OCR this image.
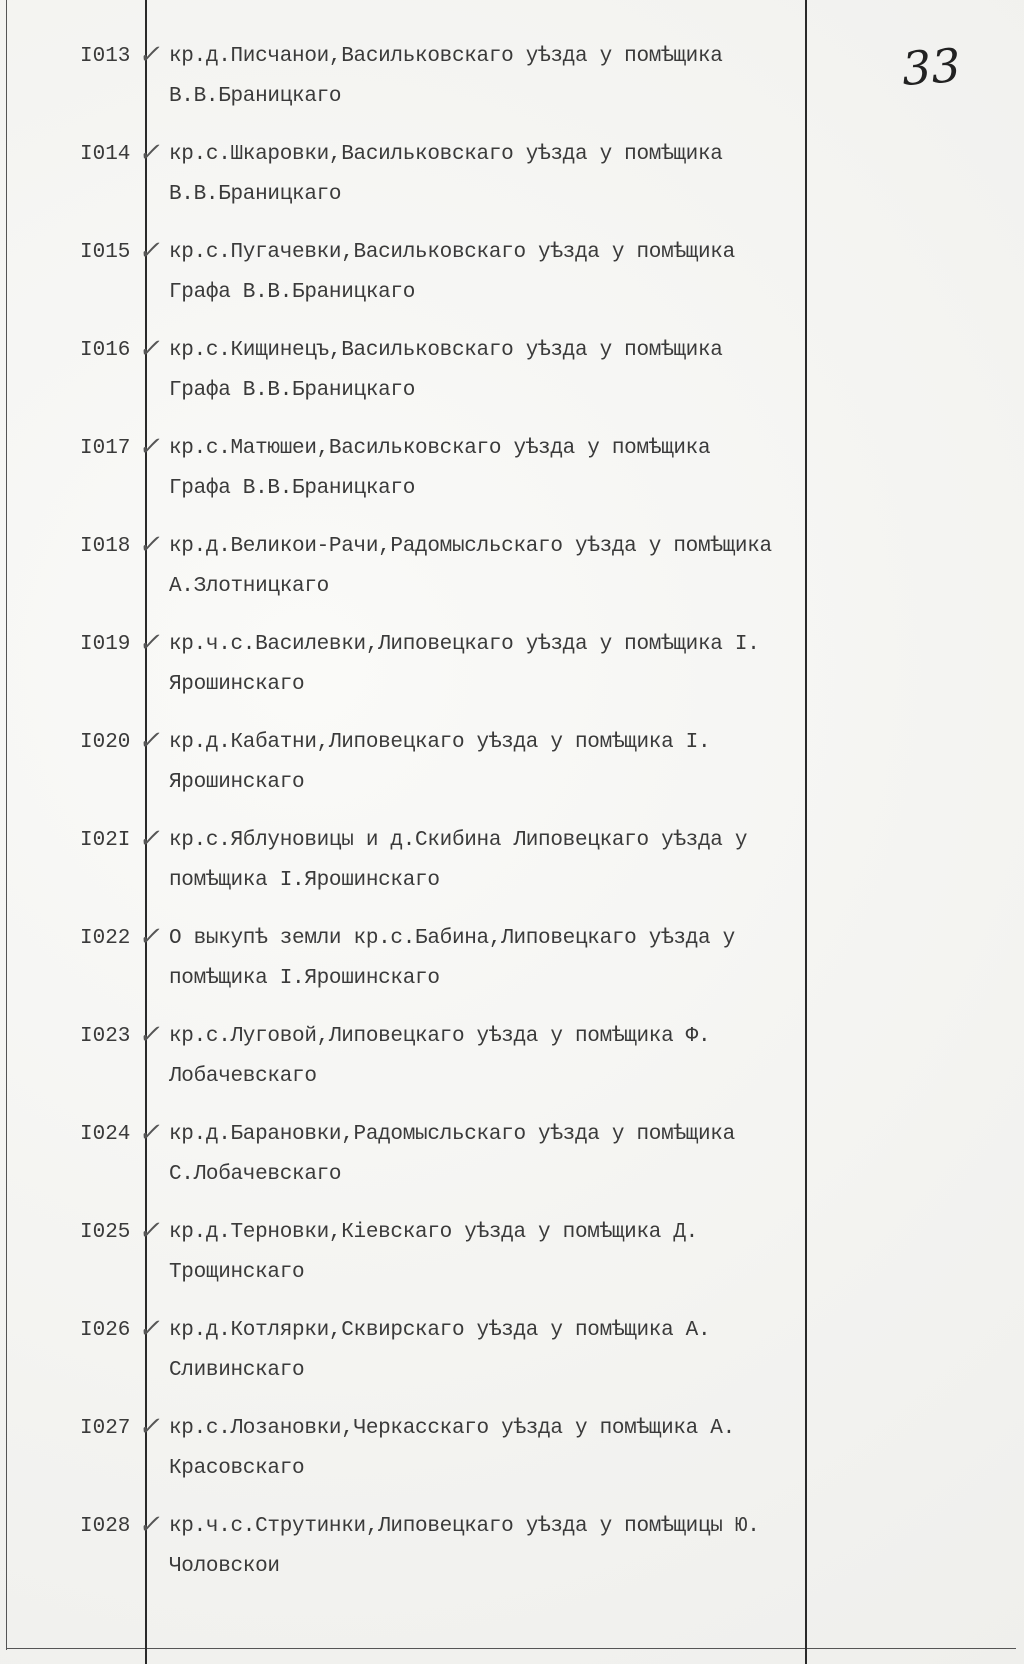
33
I013 ✓ кр.д.Писчанои,Васильковскаго уѣзда у помѣщика
В.В.Браницкаго
I014 ✓ кр.с.Шкаровки,Васильковскаго уѣзда у помѣщика
В.В.Браницкаго
I015 ✓ кр.с.Пугачевки,Васильковскаго уѣзда у помѣщика
Графа В.В.Браницкаго
I016 ✓ кр.с.Кищинецъ,Васильковскаго уѣзда у помѣщика
Графа В.В.Браницкаго
I017 ✓ кр.с.Матюшеи,Васильковскаго уѣзда у помѣщика
Графа В.В.Браницкаго
I018 ✓ кр.д.Великои-Рачи,Радомысльскаго уѣзда у помѣщика
А.Злотницкаго
I019 ✓ кр.ч.с.Василевки,Липовецкаго уѣзда у помѣщика I.
Ярошинскаго
I020 ✓ кр.д.Кабатни,Липовецкаго уѣзда у помѣщика I.
Ярошинскаго
I02I ✓ кр.с.Яблуновицы и д.Скибина Липовецкаго уѣзда у
помѣщика I.Ярошинскаго
I022 ✓ О выкупѣ земли кр.с.Бабина,Липовецкаго уѣзда у
помѣщика I.Ярошинскаго
I023 ✓ кр.с.Луговой,Липовецкаго уѣзда у помѣщика Ф.
Лобачевскаго
I024 ✓ кр.д.Барановки,Радомысльскаго уѣзда у помѣщика
С.Лобачевскаго
I025 ✓ кр.д.Терновки,Кіевскаго уѣзда у помѣщика Д.
Трощинскаго
I026 ✓ кр.д.Котлярки,Сквирскаго уѣзда у помѣщика А.
Сливинскаго
I027 ✓ кр.с.Лозановки,Черкасскаго уѣзда у помѣщика А.
Красовскаго
I028 ✓ кр.ч.с.Струтинки,Липовецкаго уѣзда у помѣщицы Ю.
Чоловскои
